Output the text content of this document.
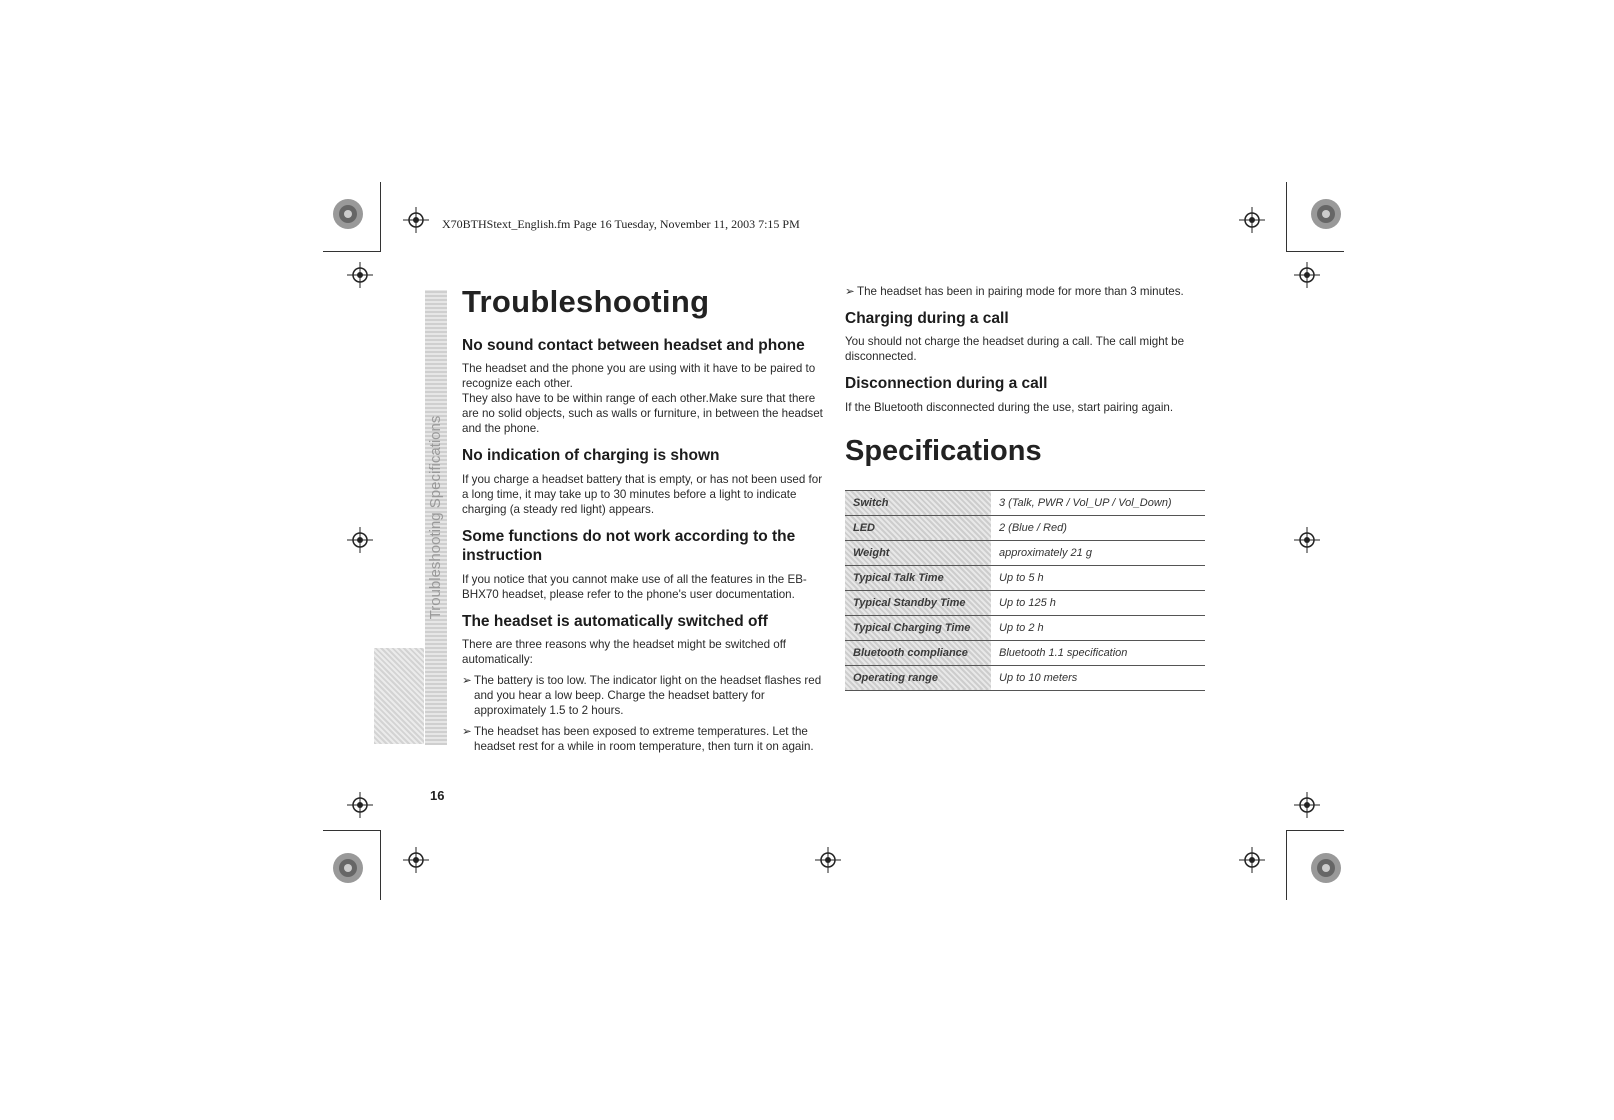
X70BTHStext_English.fm Page 16 Tuesday, November 11, 2003 7:15 PM
Troubleshooting Specifications
Troubleshooting
No sound contact between headset and phone

The headset and the phone you are using with it have to be paired to recognize each other.

They also have to be within range of each other.Make sure that there are no solid objects, such as walls or furniture, in between the headset and the phone.

No indication of charging is shown

If you charge a headset battery that is empty, or has not been used for a long time, it may take up to 30 minutes before a light to indicate charging (a steady red light) appears.

Some functions do not work according to the instruction

If you notice that you cannot make use of all the features in the EB-BHX70 headset, please refer to the phone's user documentation.

The headset is automatically switched off

There are three reasons why the headset might be switched off automatically:

➢ The battery is too low. The indicator light on the headset flashes red and you hear a low beep. Charge the headset battery for approximately 1.5 to 2 hours.
➢ The headset has been exposed to extreme temperatures. Let the headset rest for a while in room temperature, then turn it on again.
➢ The headset has been in pairing mode for more than 3 minutes.
Charging during a call

You should not charge the headset during a call. The call might be disconnected.

Disconnection during a call

If the Bluetooth disconnected during the use, start pairing again.

Specifications
Switch	3 (Talk, PWR / Vol_UP / Vol_Down)
LED	2 (Blue / Red)
Weight	approximately 21 g
Typical Talk Time	Up to 5 h
Typical Standby Time	Up to 125 h
Typical Charging Time	Up to 2 h
Bluetooth compliance	Bluetooth 1.1 specification
Operating range	Up to 10 meters
16
